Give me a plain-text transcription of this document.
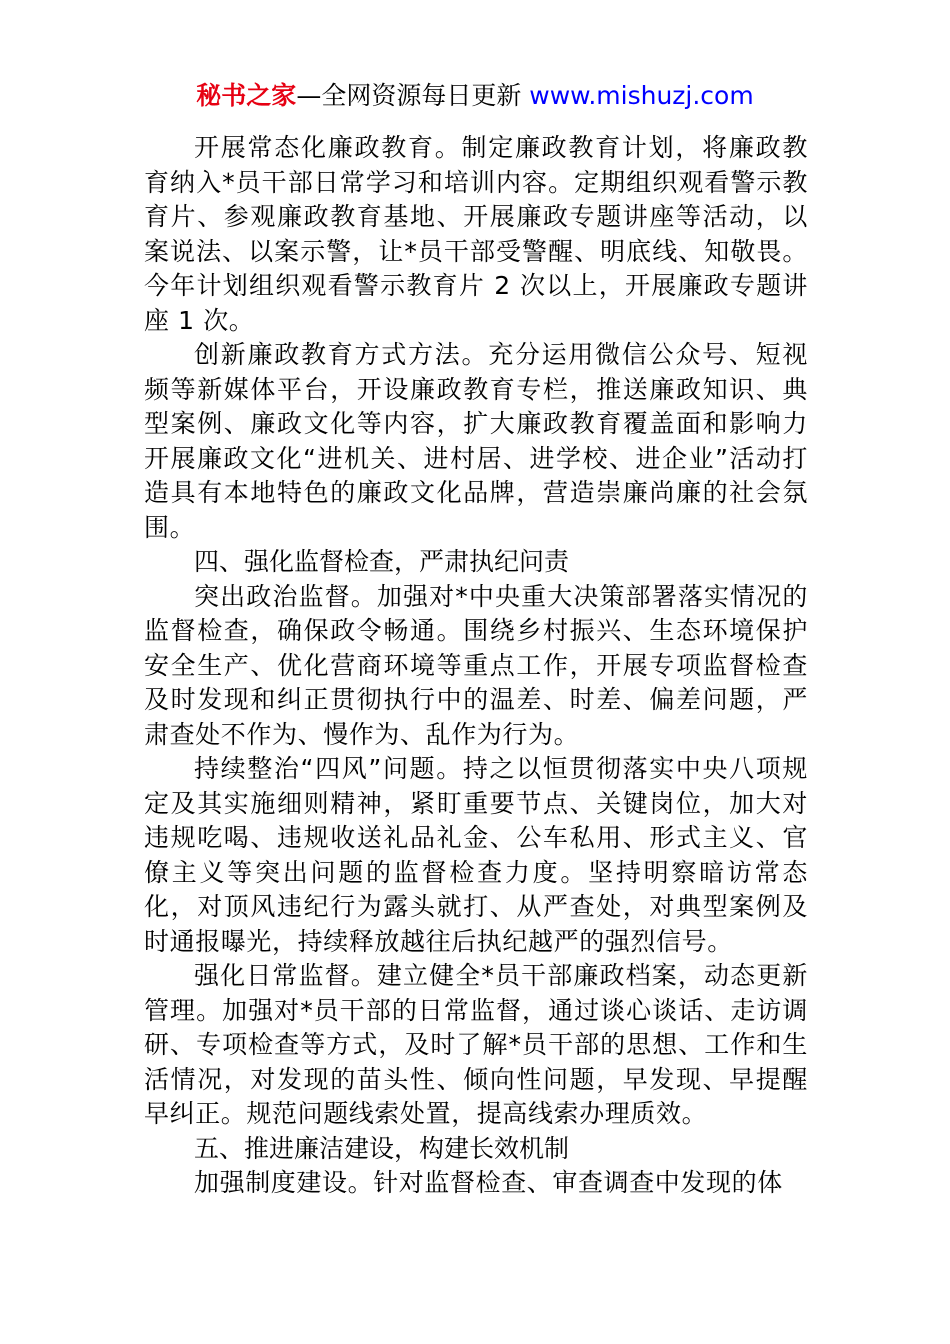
秘书之家—全网资源每日更新 www.mishuzj.com

开展常态化廉政教育。制定廉政教育计划，将廉政教育纳入*员干部日常学习和培训内容。定期组织观看警示教育片、参观廉政教育基地、开展廉政专题讲座等活动，以案说法、以案示警，让*员干部受警醒、明底线、知敬畏。今年计划组织观看警示教育片 2 次以上，开展廉政专题讲座 1 次。

创新廉政教育方式方法。充分运用微信公众号、短视频等新媒体平台，开设廉政教育专栏，推送廉政知识、典型案例、廉政文化等内容，扩大廉政教育覆盖面和影响力开展廉政文化“进机关、进村居、进学校、进企业”活动打造具有本地特色的廉政文化品牌，营造崇廉尚廉的社会氛围。

四、强化监督检查，严肃执纪问责

突出政治监督。加强对*中央重大决策部署落实情况的监督检查，确保政令畅通。围绕乡村振兴、生态环境保护安全生产、优化营商环境等重点工作，开展专项监督检查及时发现和纠正贯彻执行中的温差、时差、偏差问题，严肃查处不作为、慢作为、乱作为行为。

持续整治“四风”问题。持之以恒贯彻落实中央八项规定及其实施细则精神，紧盯重要节点、关键岗位，加大对违规吃喝、违规收送礼品礼金、公车私用、形式主义、官僚主义等突出问题的监督检查力度。坚持明察暗访常态化，对顶风违纪行为露头就打、从严查处，对典型案例及时通报曝光，持续释放越往后执纪越严的强烈信号。

强化日常监督。建立健全*员干部廉政档案，动态更新管理。加强对*员干部的日常监督，通过谈心谈话、走访调研、专项检查等方式，及时了解*员干部的思想、工作和生活情况，对发现的苗头性、倾向性问题，早发现、早提醒早纠正。规范问题线索处置，提高线索办理质效。

五、推进廉洁建设，构建长效机制

加强制度建设。针对监督检查、审查调查中发现的体
